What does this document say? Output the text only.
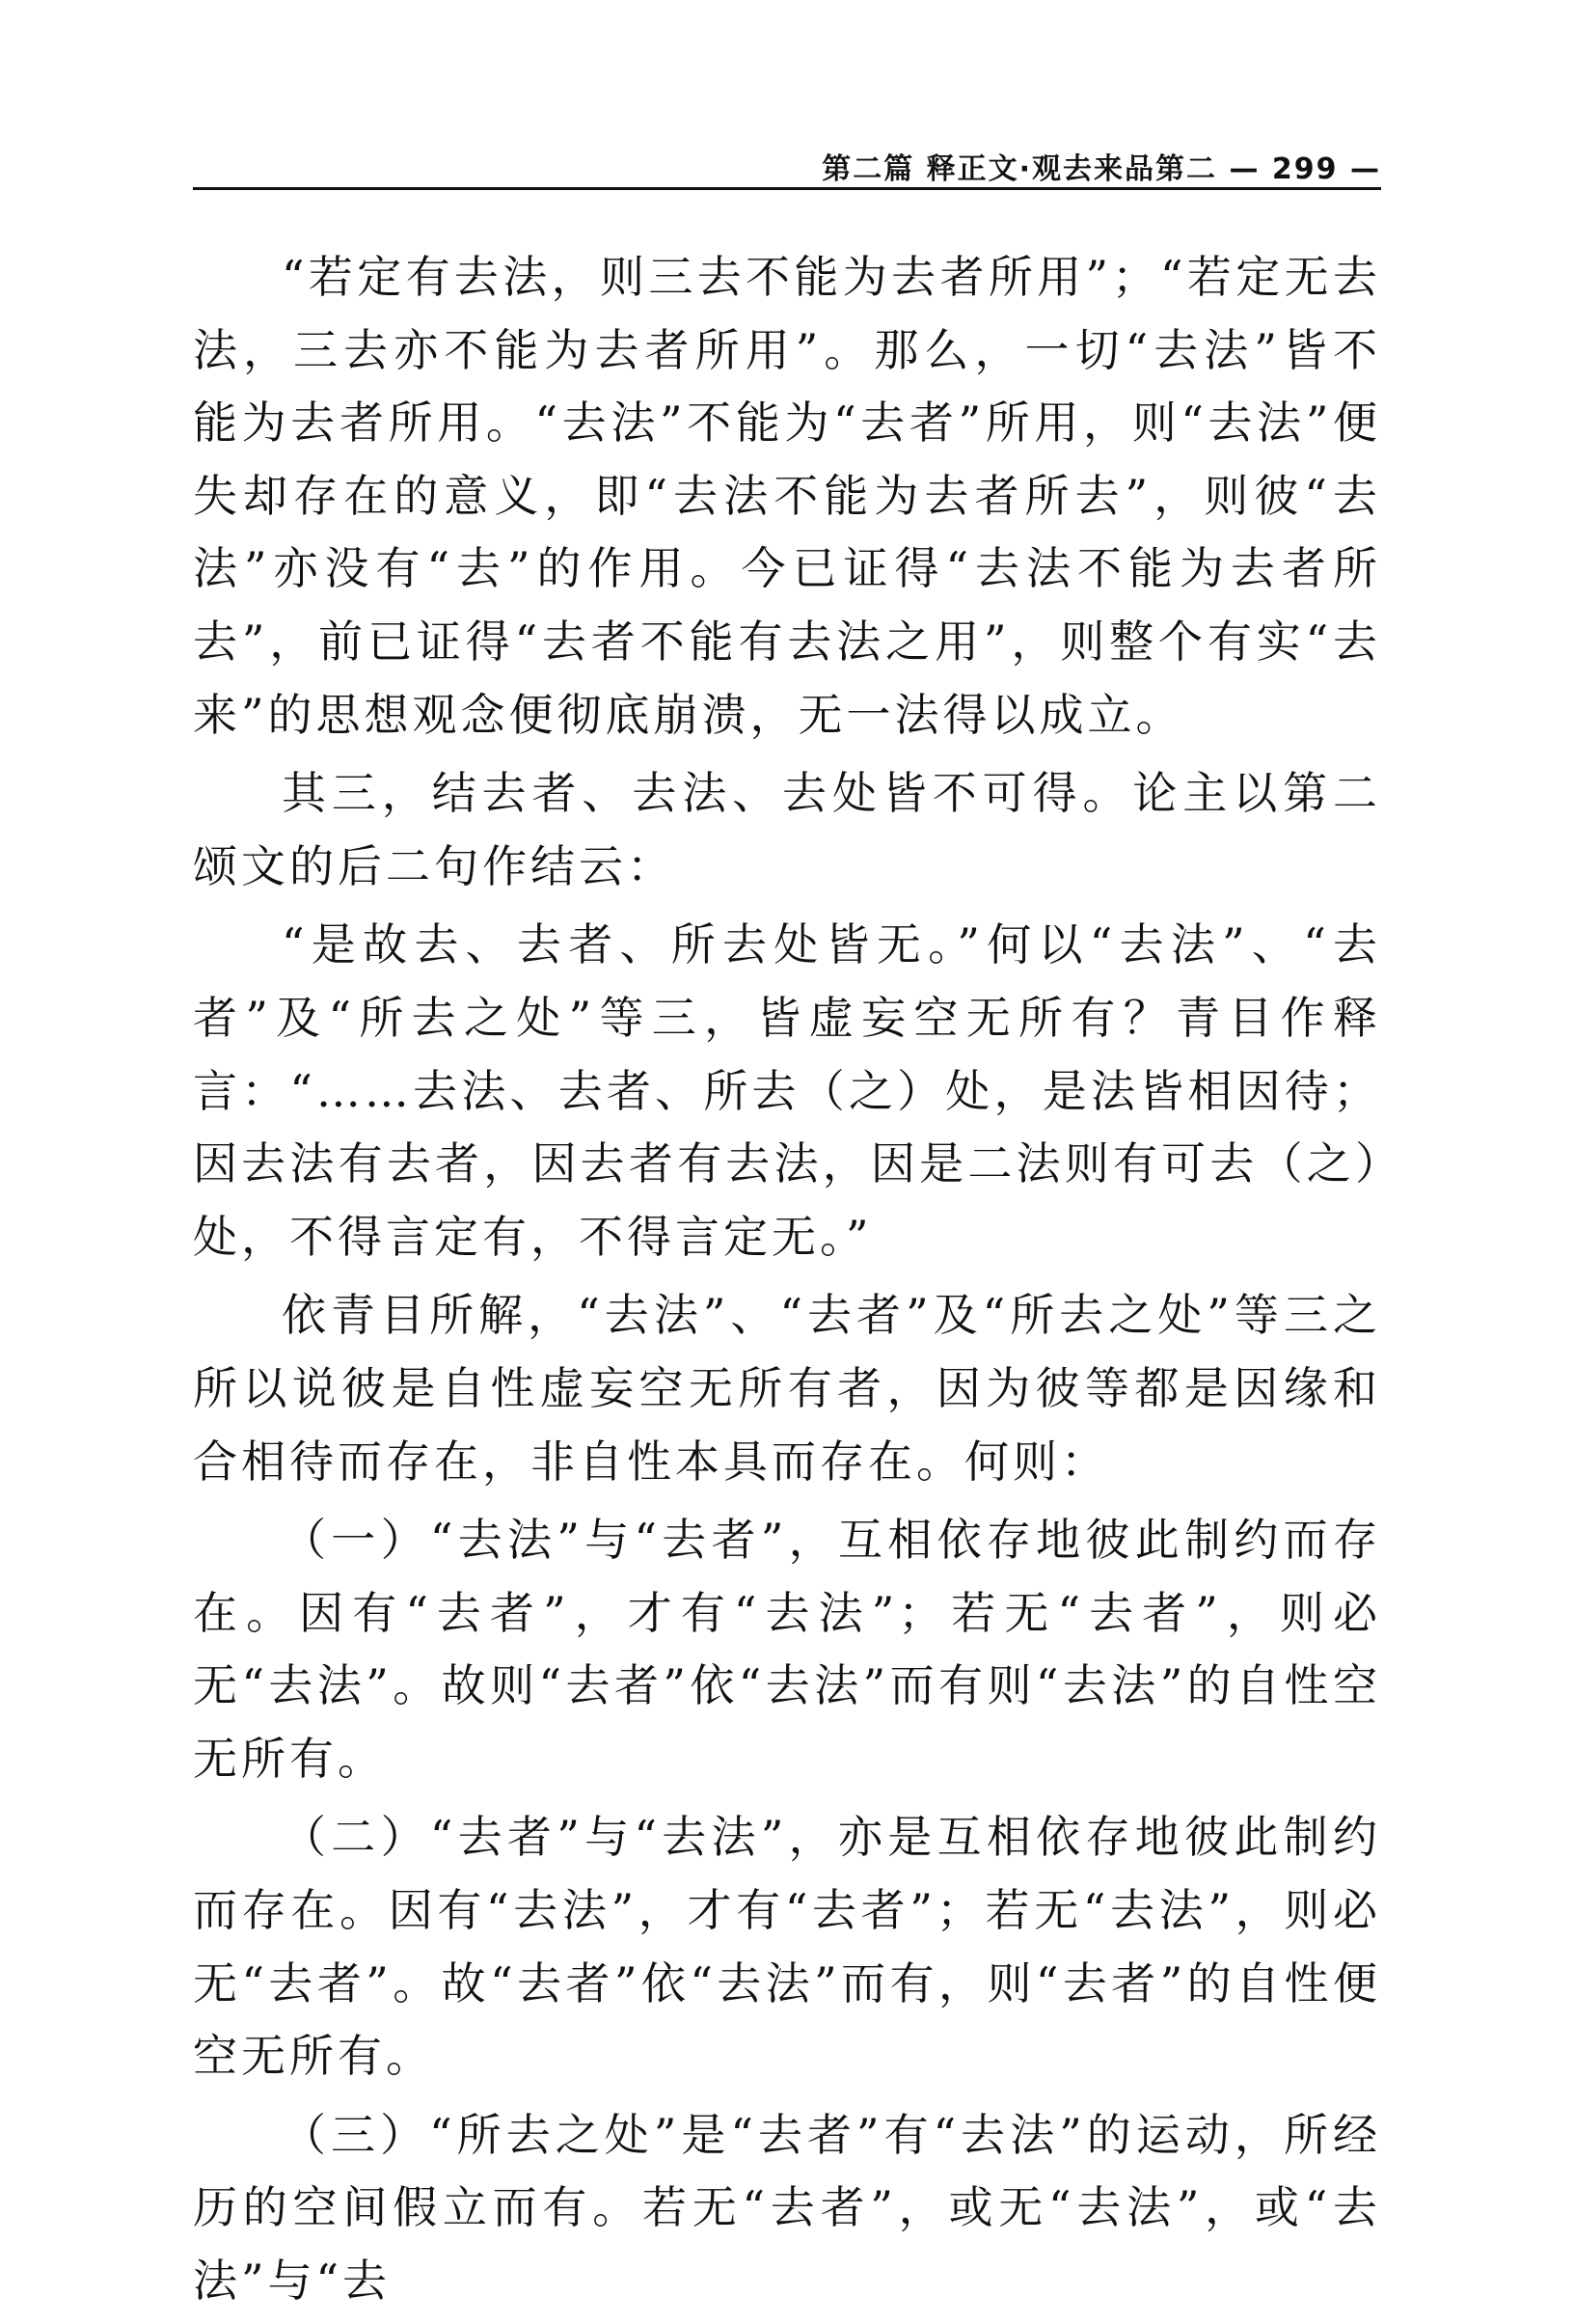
第二篇 释正文·观去来品第二 — 299 —

“若定有去法，则三去不能为去者所用”；“若定无去法，三去亦不能为去者所用”。那么，一切“去法”皆不能为去者所用。“去法”不能为“去者”所用，则“去法”便失却存在的意义，即“去法不能为去者所去”，则彼“去法”亦没有“去”的作用。今已证得“去法不能为去者所去”，前已证得“去者不能有去法之用”，则整个有实“去来”的思想观念便彻底崩溃，无一法得以成立。

其三，结去者、去法、去处皆不可得。论主以第二颂文的后二句作结云：

“是故去、去者、所去处皆无。”何以“去法”、“去者”及“所去之处”等三，皆虚妄空无所有？青目作释言：“……去法、去者、所去（之）处，是法皆相因待；因去法有去者，因去者有去法，因是二法则有可去（之）处，不得言定有，不得言定无。”

依青目所解，“去法”、“去者”及“所去之处”等三之所以说彼是自性虚妄空无所有者，因为彼等都是因缘和合相待而存在，非自性本具而存在。何则：

（一）“去法”与“去者”，互相依存地彼此制约而存在。因有“去者”，才有“去法”；若无“去者”，则必无“去法”。故则“去者”依“去法”而有则“去法”的自性空无所有。

（二）“去者”与“去法”，亦是互相依存地彼此制约而存在。因有“去法”，才有“去者”；若无“去法”，则必无“去者”。故“去者”依“去法”而有，则“去者”的自性便空无所有。

（三）“所去之处”是“去者”有“去法”的运动，所经历的空间假立而有。若无“去者”，或无“去法”，或“去法”与“去
